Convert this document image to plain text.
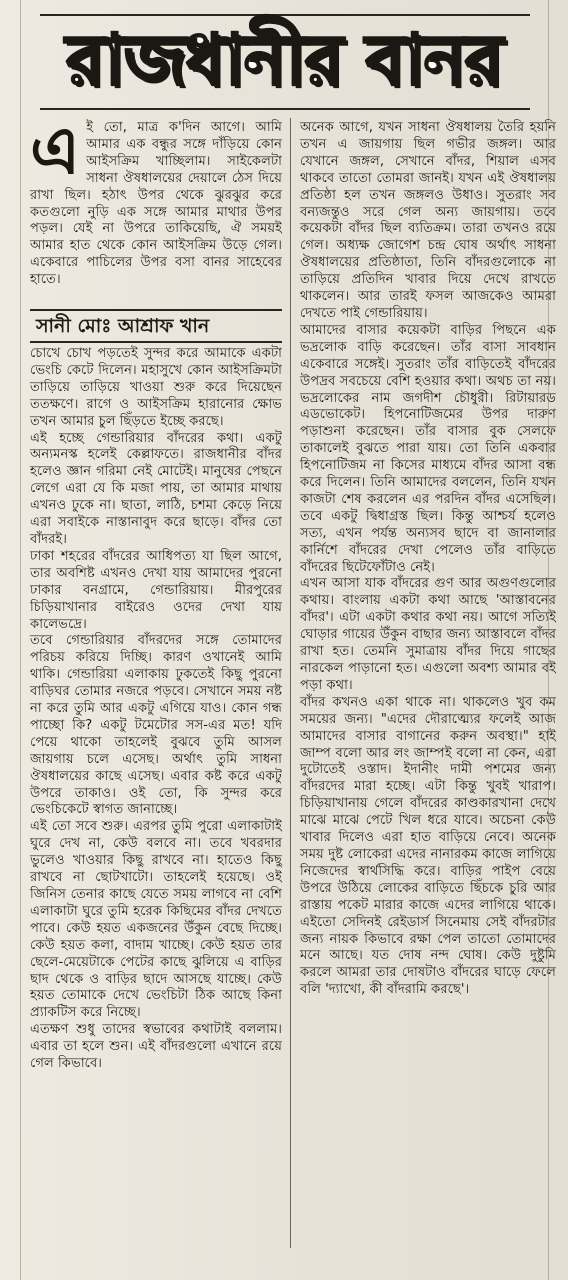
রাজধানীর বানর
এ ই তো, মাত্র ক'দিন আগে। আমি আমার এক বন্ধুর সঙ্গে দাঁড়িয়ে কোন আইসক্রিম খাচ্ছিলাম। সাইকেলটা সাধনা ঔষধালয়ের দেয়ালে ঠেস দিয়ে রাখা ছিল। হঠাৎ উপর থেকে ঝুরঝুর করে কতগুলো নুড়ি এক সঙ্গে আমার মাথার উপর পড়ল। যেই না উপরে তাকিয়েছি, ঐ সময়ই আমার হাত থেকে কোন আইসক্রিম উড়ে গেল। একেবারে পাচিলের উপর বসা বানর সাহেবের হাতে।
সানী মোঃ আশ্রাফ খান

চোখে চোখ পড়তেই সুন্দর করে আমাকে একটা ভেংচি কেটে দিলেন। মহাসুখে কোন আইসক্রিমটা তাড়িয়ে তাড়িয়ে খাওয়া শুরু করে দিয়েছেন ততক্ষণে। রাগে ও আইসক্রিম হারানোর ক্ষোভ তখন আমার চুল ছিঁড়তে ইচ্ছে করছে।

এই হচ্ছে গেন্ডারিয়ার বাঁদরের কথা। একটু অন্যমনস্ক হলেই কেল্লাফতে। রাজধানীর বাঁদর হলেও জ্ঞান গরিমা নেই মোটেই। মানুষের পেছনে লেগে এরা যে কি মজা পায়, তা আমার মাথায় এখনও ঢুকে না। ছাতা, লাঠি, চশমা কেড়ে নিয়ে এরা সবাইকে নাস্তানাবুদ করে ছাড়ে। বাঁদর তো বাঁদরই।

ঢাকা শহরের বাঁদরের আধিপত্য যা ছিল আগে, তার অবশিষ্ট এখনও দেখা যায় আমাদের পুরনো ঢাকার বনগ্রামে, গেন্ডারিয়ায়। মীরপুরের চিড়িয়াখানার বাইরেও ওদের দেখা যায় কালেভদ্রে।

তবে গেন্ডারিয়ার বাঁদরদের সঙ্গে তোমাদের পরিচয় করিয়ে দিচ্ছি। কারণ ওখানেই আমি থাকি। গেন্ডারিয়া এলাকায় ঢুকতেই কিছু পুরনো বাড়িঘর তোমার নজরে পড়বে। সেখানে সময় নষ্ট না করে তুমি আর একটু এগিয়ে যাও। কোন গন্ধ পাচ্ছো কি? একটু টমেটোর সস-এর মত! যদি পেয়ে থাকো তাহলেই বুঝবে তুমি আসল জায়গায় চলে এসেছ। অর্থাৎ তুমি সাধনা ঔষধালয়ের কাছে এসেছ। এবার কষ্ট করে একটু উপরে তাকাও। ওই তো, কি সুন্দর করে ভেংচিকেটে স্বাগত জানাচ্ছে।

এই তো সবে শুরু। এরপর তুমি পুরো এলাকাটাই ঘুরে দেখ না, কেউ বলবে না। তবে খবরদার ভুলেও খাওয়ার কিছু রাখবে না। হাতেও কিছু রাখবে না ছোটখাটো। তাহলেই হয়েছে। ওই জিনিস তেনার কাছে যেতে সময় লাগবে না বেশি এলাকাটা ঘুরে তুমি হরেক কিছিমের বাঁদর দেখতে পাবে। কেউ হয়ত একজনের উঁকুন বেছে দিচ্ছে। কেউ হয়ত কলা, বাদাম খাচ্ছে। কেউ হয়ত তার ছেলে-মেয়েটাকে পেটের কাছে ঝুলিয়ে এ বাড়ির ছাদ থেকে ও বাড়ির ছাদে আসছে যাচ্ছে। কেউ হয়ত তোমাকে দেখে ভেংচিটা ঠিক আছে কিনা প্র্যাকটিস করে নিচ্ছে।

এতক্ষণ শুধু তাদের স্বভাবের কথাটাই বললাম। এবার তা হলে শুন। এই বাঁদরগুলো এখানে রয়ে গেল কিভাবে।

অনেক আগে, যখন সাধনা ঔষধালয় তৈরি হয়নি তখন এ জায়গায় ছিল গভীর জঙ্গল। আর যেখানে জঙ্গল, সেখানে বাঁদর, শিয়াল এসব থাকবে তাতো তোমরা জানই। যখন এই ঔষধালয় প্রতিষ্ঠা হল তখন জঙ্গলও উধাও। সুতরাং সব বন্যজন্তুও সরে গেল অন্য জায়গায়। তবে কয়েকটা বাঁদর ছিল ব্যতিক্রম। তারা তখনও রয়ে গেল। অধ্যক্ষ জোগেশ চন্দ্র ঘোষ অর্থাৎ সাধনা ঔষধালয়ের প্রতিষ্ঠাতা, তিনি বাঁদরগুলোকে না তাড়িয়ে প্রতিদিন খাবার দিয়ে দেখে রাখতে থাকলেন। আর তারই ফসল আজকেও আমরা দেখতে পাই গেন্ডারিয়ায়।

আমাদের বাসার কয়েকটা বাড়ির পিছনে এক ভদ্রলোক বাড়ি করেছেন। তাঁর বাসা সাবধান একেবারে সঙ্গেই। সুতরাং তাঁর বাড়িতেই বাঁদরের উপদ্রব সবচেয়ে বেশি হওয়ার কথা। অথচ তা নয়। ভদ্রলোকের নাম জগদীশ চৌধুরী। রিটায়ারড এডভোকেট। হিপনোটিজমের উপর দারুণ পড়াশুনা করেছেন। তাঁর বাসার বুক সেলফে তাকালেই বুঝতে পারা যায়। তো তিনি একবার হিপনোটিজম না কিসের মাধ্যমে বাঁদর আসা বন্ধ করে দিলেন। তিনি আমাদের বললেন, তিনি যখন কাজটা শেষ করলেন এর পরদিন বাঁদর এসেছিল। তবে একটু দ্বিধাগ্রস্ত ছিল। কিন্তু আশ্চর্য হলেও সত্য, এখন পর্যন্ত অন্যসব ছাদে বা জানালার কার্নিশে বাঁদরের দেখা পেলেও তাঁর বাড়িতে বাঁদরের ছিটেফোঁটাও নেই।

এখন আসা যাক বাঁদরের গুণ আর অগুণগুলোর কথায়। বাংলায় একটা কথা আছে 'আস্তাবনের বাঁদর'। এটা একটা কথার কথা নয়। আগে সত্যিই ঘোড়ার গায়ের উঁকুন বাছার জন্য আস্তাবলে বাঁদর রাখা হত। তেমনি সুমাত্রায় বাঁদর দিয়ে গাছের নারকেল পাড়ানো হত। এগুলো অবশ্য আমার বই পড়া কথা।

বাঁদর কখনও একা থাকে না। থাকলেও খুব কম সময়ের জন্য। "এদের দৌরাত্ম্যের ফলেই আজ আমাদের বাসার বাগানের করুন অবস্থা।" হাই জাম্প বলো আর লং জাম্পই বলো না কেন, এরা দুটোতেই ওস্তাদ। ইদানীং দামী পশমের জন্য বাঁদরদের মারা হচ্ছে। এটা কিন্তু খুবই খারাপ। চিড়িয়াখানায় গেলে বাঁদরের কাণ্ডকারখানা দেখে মাঝে মাঝে পেটে খিল ধরে যাবে। অচেনা কেউ খাবার দিলেও এরা হাত বাড়িয়ে নেবে। অনেক সময় দুষ্ট লোকেরা এদের নানারকম কাজে লাগিয়ে নিজেদের স্বার্থসিদ্ধি করে। বাড়ির পাইপ বেয়ে উপরে উঠিয়ে লোকের বাড়িতে ছিঁচকে চুরি আর রাস্তায় পকেট মারার কাজে এদের লাগিয়ে থাকে। এইতো সেদিনই রেইডার্স সিনেমায় সেই বাঁদরটার জন্য নায়ক কিভাবে রক্ষা পেল তাতো তোমাদের মনে আছে। যত দোষ নন্দ ঘোষ। কেউ দুষ্টুমি করলে আমরা তার দোষটাও বাঁদরের ঘাড়ে ফেলে বলি 'দ্যাখো, কী বাঁদরামি করছে'।
